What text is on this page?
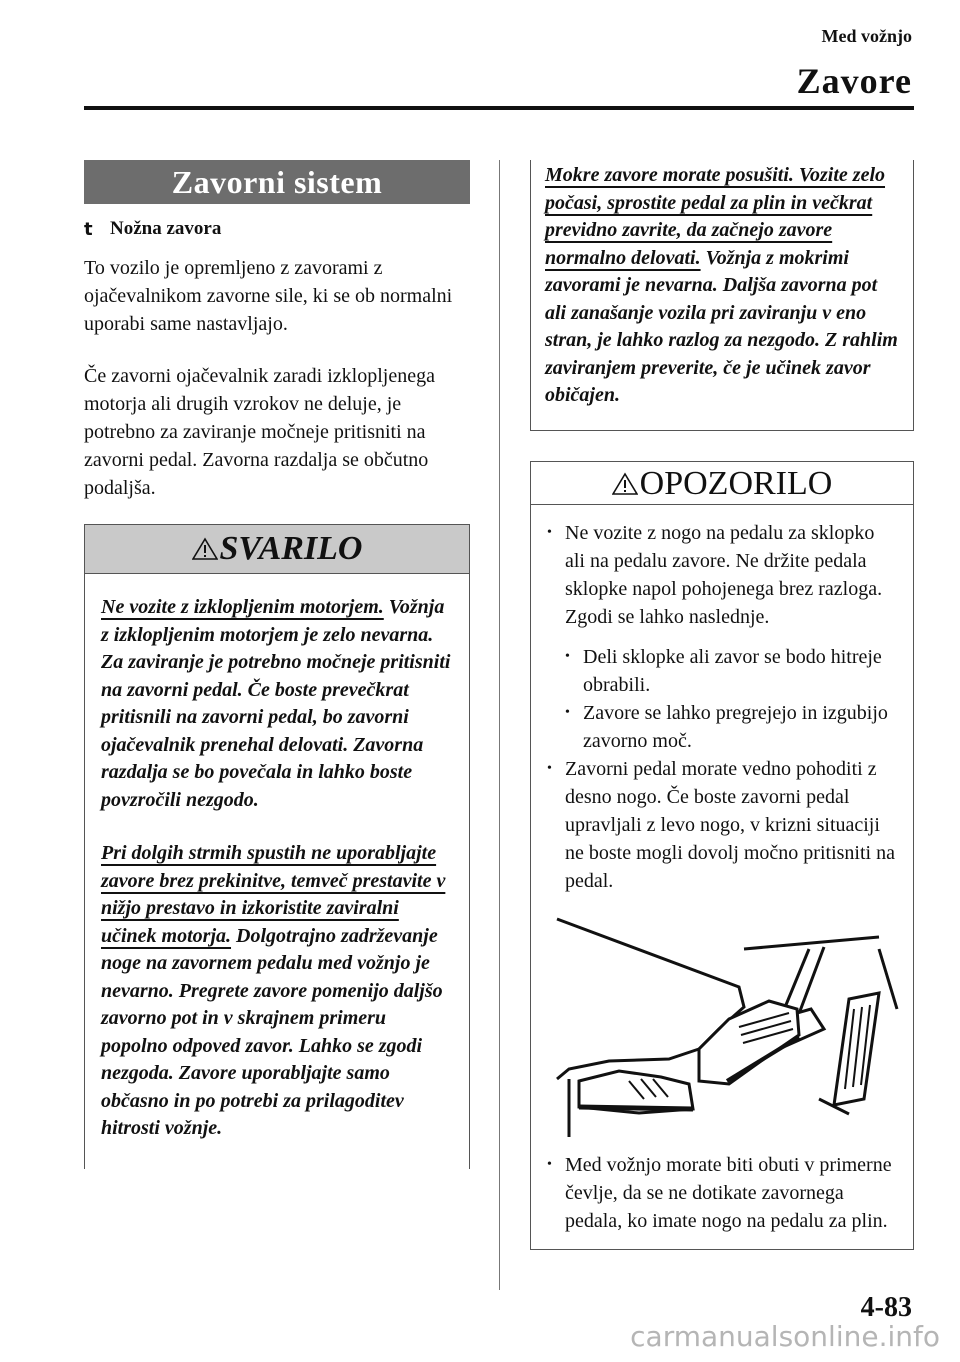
Med vožnjo
Zavore
Zavorni sistem
t Nožna zavora
To vozilo je opremljeno z zavorami z ojačevalnikom zavorne sile, ki se ob normalni uporabi same nastavljajo.
Če zavorni ojačevalnik zaradi izklopljenega motorja ali drugih vzrokov ne deluje, je potrebno za zaviranje močneje pritisniti na zavorni pedal. Zavorna razdalja se občutno podaljša.
SVARILO
Ne vozite z izklopljenim motorjem. Vožnja z izklopljenim motorjem je zelo nevarna. Za zaviranje je potrebno močneje pritisniti na zavorni pedal. Če boste prevečkrat pritisnili na zavorni pedal, bo zavorni ojačevalnik prenehal delovati. Zavorna razdalja se bo povečala in lahko boste povzročili nezgodo.
Pri dolgih strmih spustih ne uporabljajte zavore brez prekinitve, temveč prestavite v nižjo prestavo in izkoristite zaviralni učinek motorja. Dolgotrajno zadrževanje noge na zavornem pedalu med vožnjo je nevarno. Pregrete zavore pomenijo daljšo zavorno pot in v skrajnem primeru popolno odpoved zavor. Lahko se zgodi nezgoda. Zavore uporabljajte samo občasno in po potrebi za prilagoditev hitrosti vožnje.
Mokre zavore morate posušiti. Vozite zelo počasi, sprostite pedal za plin in večkrat previdno zavrite, da začnejo zavore normalno delovati. Vožnja z mokrimi zavorami je nevarna. Daljša zavorna pot ali zanašanje vozila pri zaviranju v eno stran, je lahko razlog za nezgodo. Z rahlim zaviranjem preverite, če je učinek zavor običajen.
OPOZORILO
• Ne vozite z nogo na pedalu za sklopko ali na pedalu zavore. Ne držite pedala sklopke napol pohojenega brez razloga. Zgodi se lahko naslednje.
• Deli sklopke ali zavor se bodo hitreje obrabili.
• Zavore se lahko pregrejejo in izgubijo zavorno moč.
• Zavorni pedal morate vedno pohoditi z desno nogo. Če boste zavorni pedal upravljali z levo nogo, v krizni situaciji ne boste mogli dovolj močno pritisniti na pedal.
• Med vožnjo morate biti obuti v primerne čevlje, da se ne dotikate zavornega pedala, ko imate nogo na pedalu za plin.
4-83
carmanualsonline.info
